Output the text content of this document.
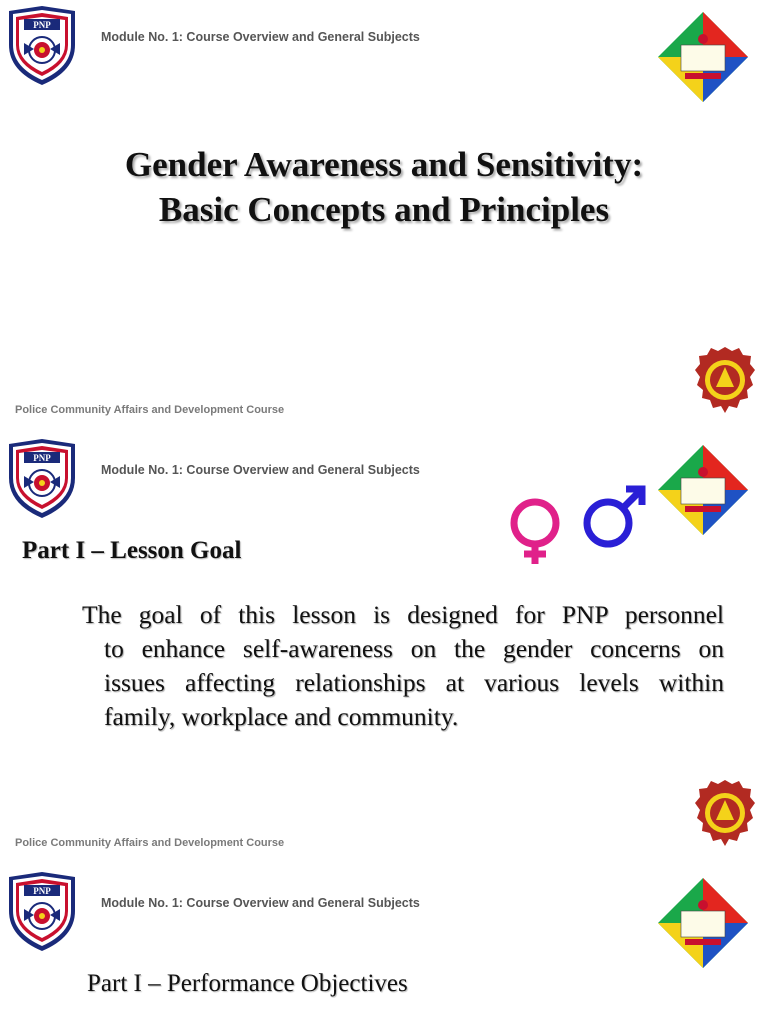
PNP
Module No. 1: Course Overview and General Subjects
Gender Awareness and Sensitivity:
Basic Concepts and Principles
Police Community Affairs and Development Course
PNP
Module No. 1: Course Overview and General Subjects
Part I – Lesson Goal
The goal of this lesson is designed for PNP personnel
to enhance self-awareness on the gender concerns on
issues affecting relationships at various levels within
family, workplace and community.
Police Community Affairs and Development Course
PNP
Module No. 1: Course Overview and General Subjects
Part I – Performance Objectives
